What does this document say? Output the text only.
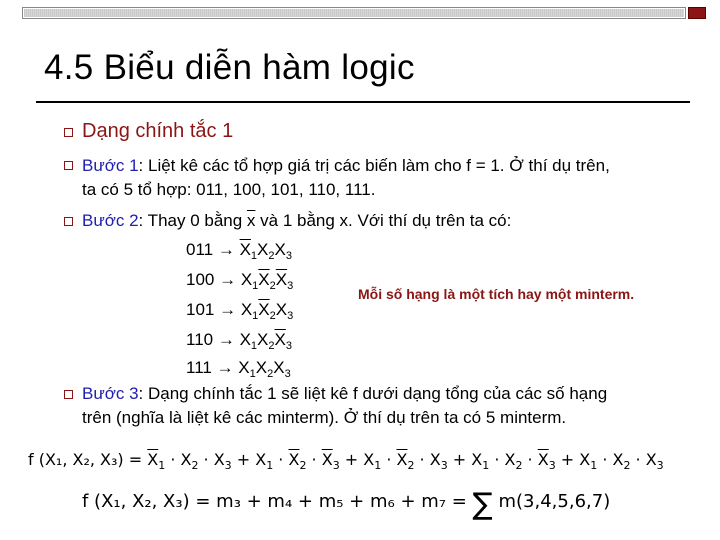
4.5 Biểu diễn hàm logic
Dạng chính tắc 1
Bước 1: Liệt kê các tổ hợp giá trị các biến làm cho f = 1. Ở thí dụ trên,
ta có 5 tổ hợp: 011, 100, 101, 110, 111.
Bước 2: Thay 0 bằng $\overline{x}$ và 1 bằng x. Với thí dụ trên ta có:
$011 \to \overline{X}_1X_2X_3$
$100 \to X_1\overline{X}_2\overline{X}_3$
$101 \to X_1\overline{X}_2X_3$
$110 \to X_1X_2\overline{X}_3$
$111 \to X_1X_2X_3$
Mỗi số hạng là một tích hay một minterm.
Bước 3: Dạng chính tắc 1 sẽ liệt kê f dưới dạng tổng của các số hạng
trên (nghĩa là liệt kê các minterm). Ở thí dụ trên ta có 5 minterm.
f (X₁, X₂, $X_3) = \overline{X}_1 \cdot X_2 \cdot X_3 + X_1 \cdot \overline{X}_2 \cdot \overline{X}_3 + X_1 \cdot \overline{X}_2 \cdot X_3 + X_1 \cdot X_2 \cdot \overline{X}_3 + X_1 \cdot X_2 \cdot X_3$
f (X₁, X₂, X₃) = m₃ + m₄ + m₅ + m₆ + m₇ = ∑ m(3,4,5,6,7)
